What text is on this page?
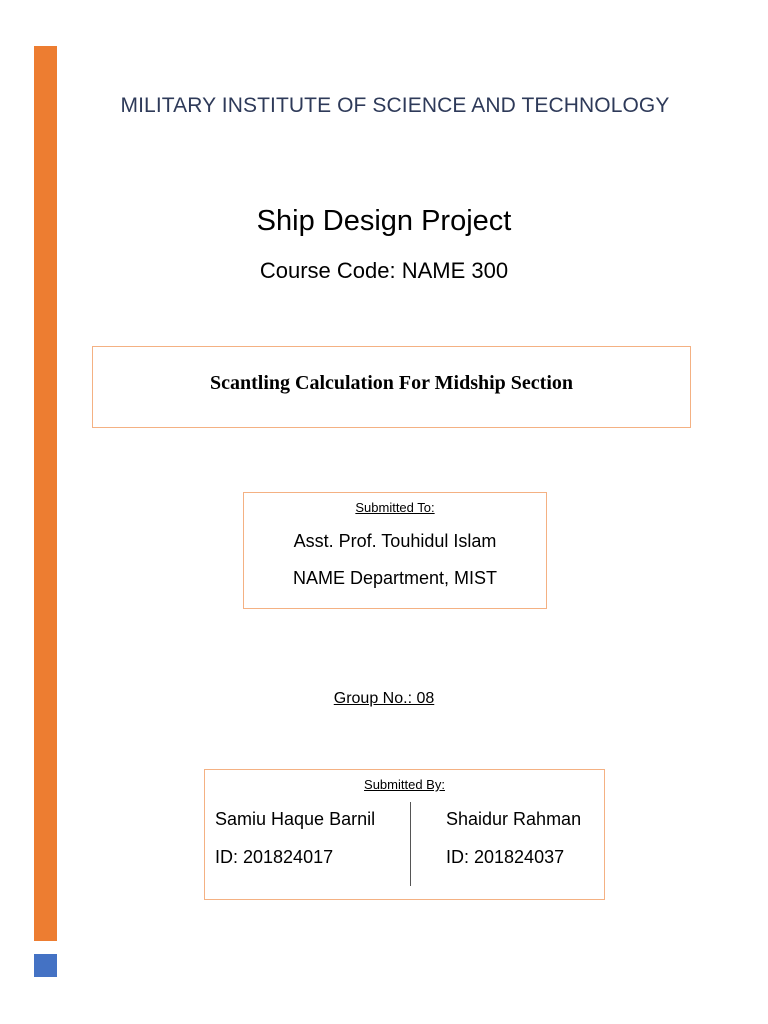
MILITARY INSTITUTE OF SCIENCE AND TECHNOLOGY
Ship Design Project
Course Code: NAME 300
Scantling Calculation For Midship Section
Submitted To:
Asst. Prof. Touhidul Islam
NAME Department, MIST
Group No.: 08
Submitted By:
Samiu Haque Barnil
ID: 201824017
Shaidur Rahman
ID: 201824037
